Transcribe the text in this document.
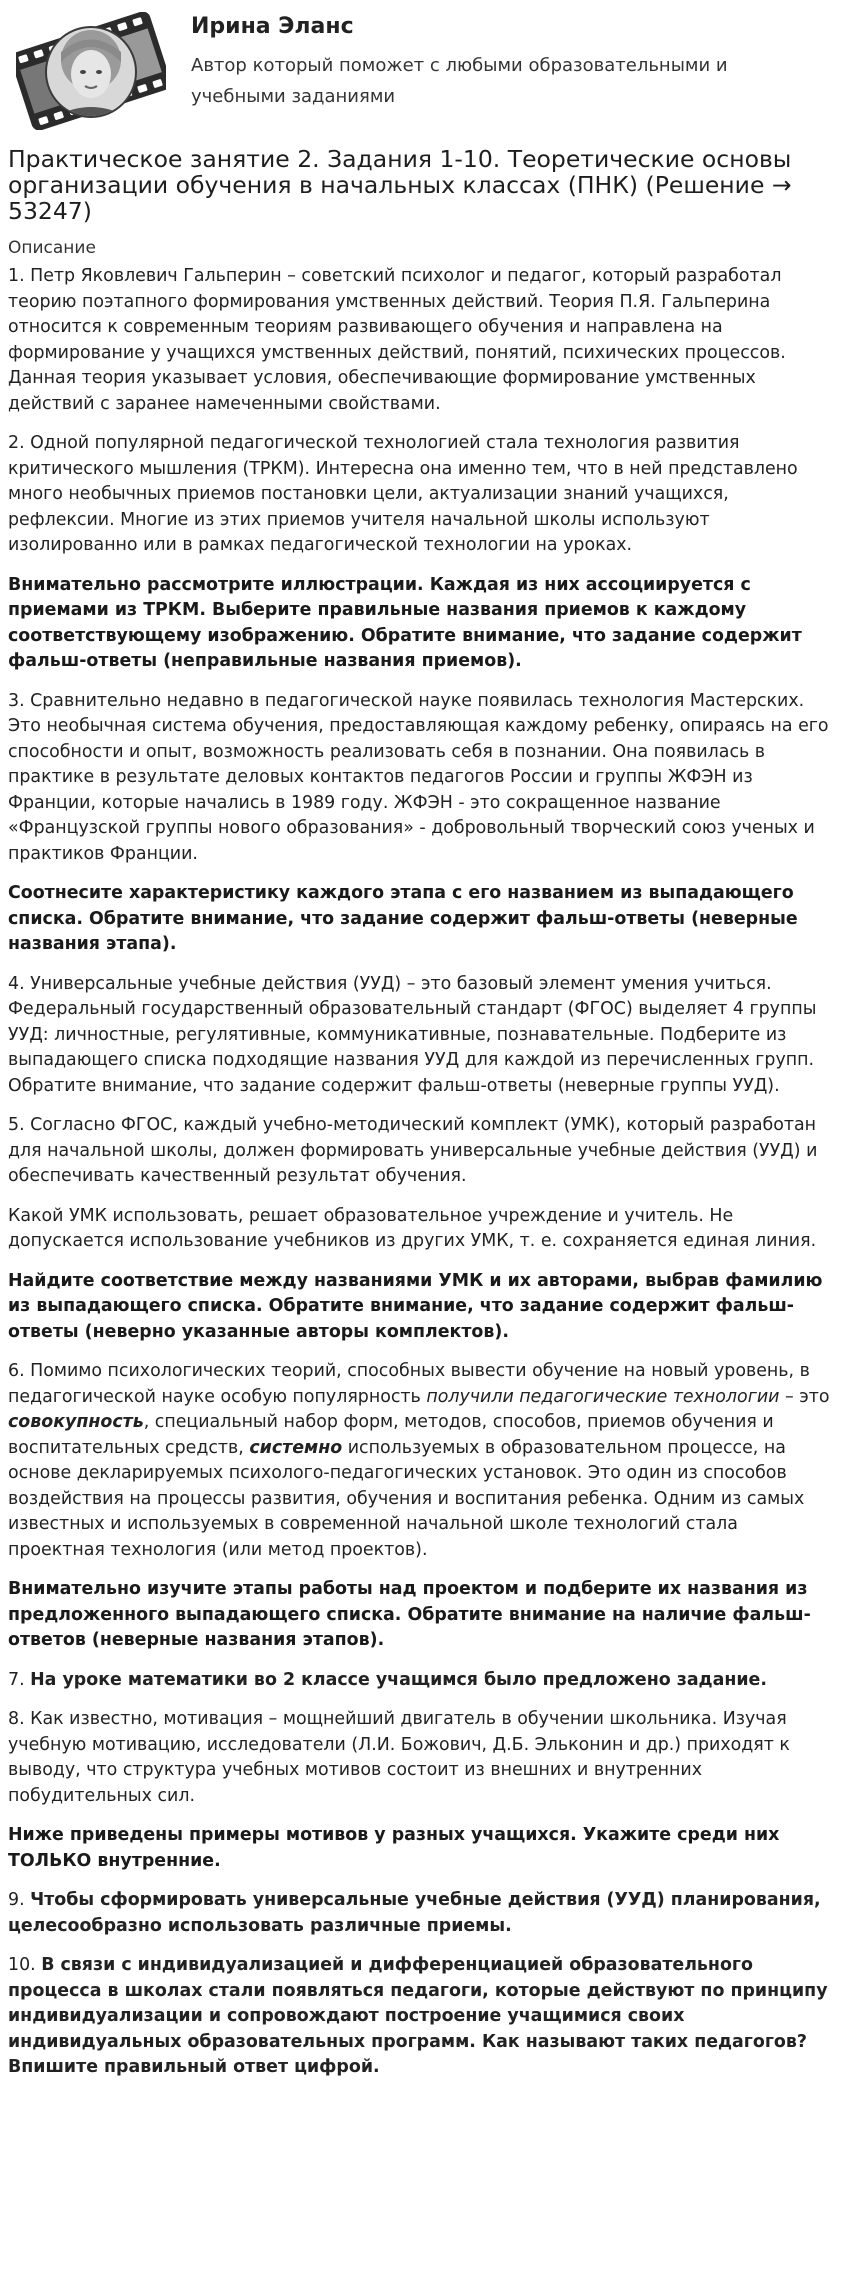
Ирина Эланс
Автор который поможет с любыми образовательными и учебными заданиями
Практическое занятие 2. Задания 1-10. Теоретические основы организации обучения в начальных классах (ПНК) (Решение → 53247)
Описание

1. Петр Яковлевич Гальперин – советский психолог и педагог, который разработал теорию поэтапного формирования умственных действий. Теория П.Я. Гальперина относится к современным теориям развивающего обучения и направлена на формирование у учащихся умственных действий, понятий, психических процессов. Данная теория указывает условия, обеспечивающие формирование умственных действий с заранее намеченными свойствами.

2. Одной популярной педагогической технологией стала технология развития критического мышления (ТРКМ). Интересна она именно тем, что в ней представлено много необычных приемов постановки цели, актуализации знаний учащихся, рефлексии. Многие из этих приемов учителя начальной школы используют изолированно или в рамках педагогической технологии на уроках.

Внимательно рассмотрите иллюстрации. Каждая из них ассоциируется с приемами из ТРКМ. Выберите правильные названия приемов к каждому соответствующему изображению. Обратите внимание, что задание содержит фальш-ответы (неправильные названия приемов).

3. Сравнительно недавно в педагогической науке появилась технология Мастерских. Это необычная система обучения, предоставляющая каждому ребенку, опираясь на его способности и опыт, возможность реализовать себя в познании. Она появилась в практике в результате деловых контактов педагогов России и группы ЖФЭН из Франции, которые начались в 1989 году. ЖФЭН - это сокращенное название «Французской группы нового образования» - добровольный творческий союз ученых и практиков Франции.

Соотнесите характеристику каждого этапа с его названием из выпадающего списка. Обратите внимание, что задание содержит фальш-ответы (неверные названия этапа).

4. Универсальные учебные действия (УУД) – это базовый элемент умения учиться. Федеральный государственный образовательный стандарт (ФГОС) выделяет 4 группы УУД: личностные, регулятивные, коммуникативные, познавательные. Подберите из выпадающего списка подходящие названия УУД для каждой из перечисленных групп. Обратите внимание, что задание содержит фальш-ответы (неверные группы УУД).

5. Согласно ФГОС, каждый учебно-методический комплект (УМК), который разработан для начальной школы, должен формировать универсальные учебные действия (УУД) и обеспечивать качественный результат обучения.

Какой УМК использовать, решает образовательное учреждение и учитель. Не допускается использование учебников из других УМК, т. е. сохраняется единая линия.

Найдите соответствие между названиями УМК и их авторами, выбрав фамилию из выпадающего списка. Обратите внимание, что задание содержит фальш-ответы (неверно указанные авторы комплектов).

6. Помимо психологических теорий, способных вывести обучение на новый уровень, в педагогической науке особую популярность получили педагогические технологии – это совокупность, специальный набор форм, методов, способов, приемов обучения и воспитательных средств, системно используемых в образовательном процессе, на основе декларируемых психолого-педагогических установок. Это один из способов воздействия на процессы развития, обучения и воспитания ребенка. Одним из самых известных и используемых в современной начальной школе технологий стала проектная технология (или метод проектов).

Внимательно изучите этапы работы над проектом и подберите их названия из предложенного выпадающего списка. Обратите внимание на наличие фальш-ответов (неверные названия этапов).

7. На уроке математики во 2 классе учащимся было предложено задание.

8. Как известно, мотивация – мощнейший двигатель в обучении школьника. Изучая учебную мотивацию, исследователи (Л.И. Божович, Д.Б. Эльконин и др.) приходят к выводу, что структура учебных мотивов состоит из внешних и внутренних побудительных сил.

Ниже приведены примеры мотивов у разных учащихся. Укажите среди них ТОЛЬКО внутренние.

9. Чтобы сформировать универсальные учебные действия (УУД) планирования, целесообразно использовать различные приемы.

10. В связи с индивидуализацией и дифференциацией образовательного процесса в школах стали появляться педагоги, которые действуют по принципу индивидуализации и сопровождают построение учащимися своих индивидуальных образовательных программ. Как называют таких педагогов? Впишите правильный ответ цифрой.
